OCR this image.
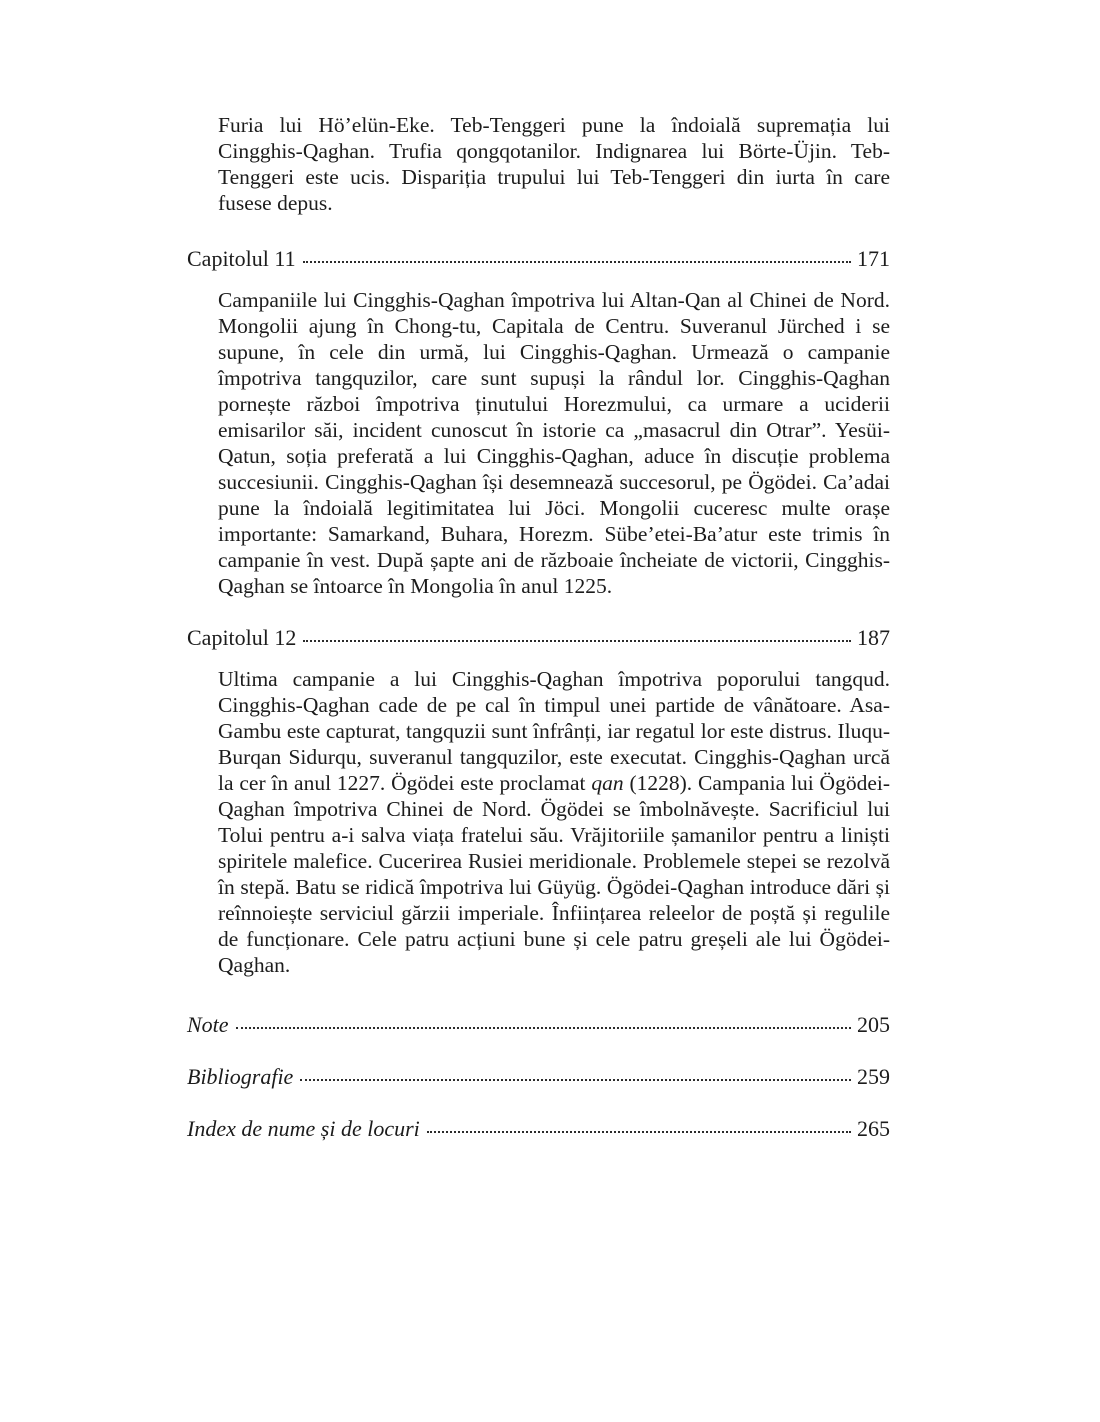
Furia lui Hö’elün-Eke. Teb-Tenggeri pune la îndoială supremația lui Cingghis-Qaghan. Trufia qongqotanilor. Indignarea lui Börte-Üjin. Teb-Tenggeri este ucis. Dispariția trupului lui Teb-Tenggeri din iurta în care fusese depus.

Capitolul 11	171

Campaniile lui Cingghis-Qaghan împotriva lui Altan-Qan al Chinei de Nord. Mongolii ajung în Chong-tu, Capitala de Centru. Suveranul Jürched i se supune, în cele din urmă, lui Cingghis-Qaghan. Urmează o campanie împotriva tangquzilor, care sunt supuși la rândul lor. Cingghis-Qaghan pornește război împotriva ținutului Horezmului, ca urmare a uciderii emisarilor săi, incident cunoscut în istorie ca „masacrul din Otrar”. Yesüi-Qatun, soția preferată a lui Cingghis-Qaghan, aduce în discuție problema succesiunii. Cingghis-Qaghan își desemnează succesorul, pe Ögödei. Ca’adai pune la îndoială legitimitatea lui Jöci. Mongolii cuceresc multe orașe importante: Samarkand, Buhara, Horezm. Sübe’etei-Ba’atur este trimis în campanie în vest. După șapte ani de războaie încheiate de victorii, Cingghis-Qaghan se întoarce în Mongolia în anul 1225.

Capitolul 12	187

Ultima campanie a lui Cingghis-Qaghan împotriva poporului tangqud. Cingghis-Qaghan cade de pe cal în timpul unei partide de vânătoare. Asa-Gambu este capturat, tangquzii sunt înfrânți, iar regatul lor este distrus. Iluqu-Burqan Sidurqu, suveranul tangquzilor, este executat. Cingghis-Qaghan urcă la cer în anul 1227. Ögödei este proclamat qan (1228). Campania lui Ögödei-Qaghan împotriva Chinei de Nord. Ögödei se îmbolnăvește. Sacrificiul lui Tolui pentru a-i salva viața fratelui său. Vrăjitoriile șamanilor pentru a liniști spiritele malefice. Cucerirea Rusiei meridionale. Problemele stepei se rezolvă în stepă. Batu se ridică împotriva lui Güyüg. Ögödei-Qaghan introduce dări și reînnoiește serviciul gărzii imperiale. Înființarea releelor de poștă și regulile de funcționare. Cele patru acțiuni bune și cele patru greșeli ale lui Ögödei-Qaghan.

Note	205
Bibliografie	259
Index de nume și de locuri	265
